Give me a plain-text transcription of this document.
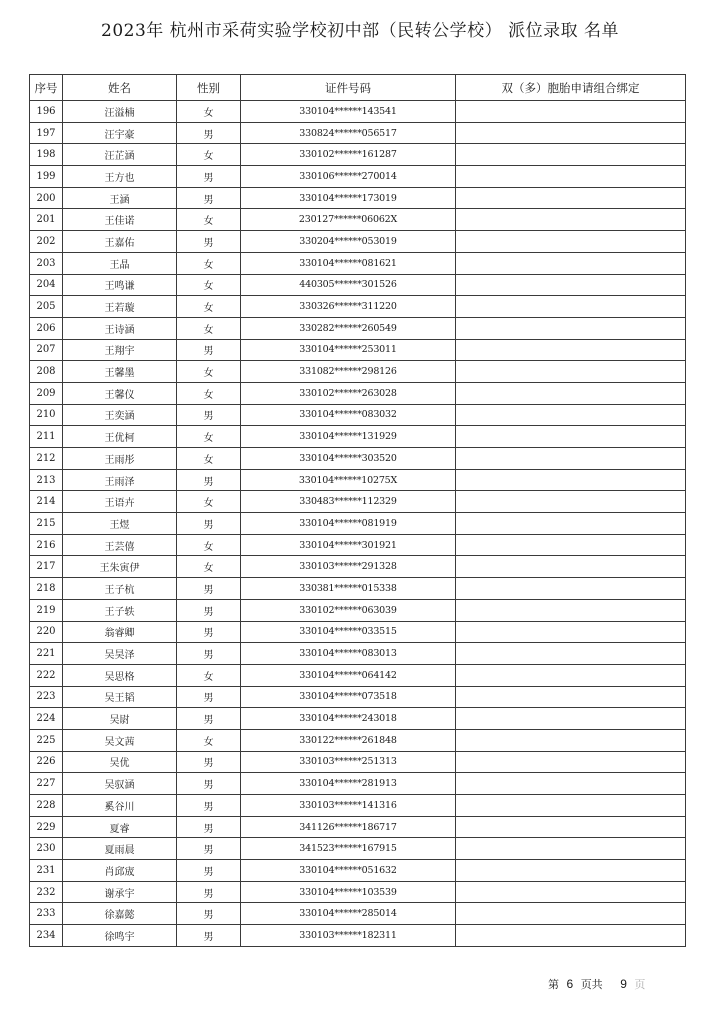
2023年 杭州市采荷实验学校初中部（民转公学校） 派位录取 名单
序号	姓名	性别	证件号码	双（多）胞胎申请组合绑定
196	汪溢楠	女	330104******143541	
197	汪宇豪	男	330824******056517	
198	汪芷涵	女	330102******161287	
199	王方也	男	330106******270014	
200	王涵	男	330104******173019	
201	王佳诺	女	230127******06062X	
202	王嘉佑	男	330204******053019	
203	王晶	女	330104******081621	
204	王鸣谦	女	440305******301526	
205	王若璇	女	330326******311220	
206	王诗涵	女	330282******260549	
207	王翔宇	男	330104******253011	
208	王馨墨	女	331082******298126	
209	王馨仪	女	330102******263028	
210	王奕涵	男	330104******083032	
211	王优柯	女	330104******131929	
212	王雨彤	女	330104******303520	
213	王雨泽	男	330104******10275X	
214	王语卉	女	330483******112329	
215	王煜	男	330104******081919	
216	王芸僖	女	330104******301921	
217	王朱寅伊	女	330103******291328	
218	王子杭	男	330381******015338	
219	王子轶	男	330102******063039	
220	翁睿卿	男	330104******033515	
221	吴昊泽	男	330104******083013	
222	吴思格	女	330104******064142	
223	吴王韬	男	330104******073518	
224	吴尉	男	330104******243018	
225	吴文茜	女	330122******261848	
226	吴优	男	330103******251313	
227	吴驭涵	男	330104******281913	
228	奚谷川	男	330103******141316	
229	夏睿	男	341126******186717	
230	夏雨晨	男	341523******167915	
231	肖邱宬	男	330104******051632	
232	谢承宇	男	330104******103539	
233	徐嘉懿	男	330104******285014	
234	徐鸣宇	男	330103******182311	
第 6 页共 9 页
